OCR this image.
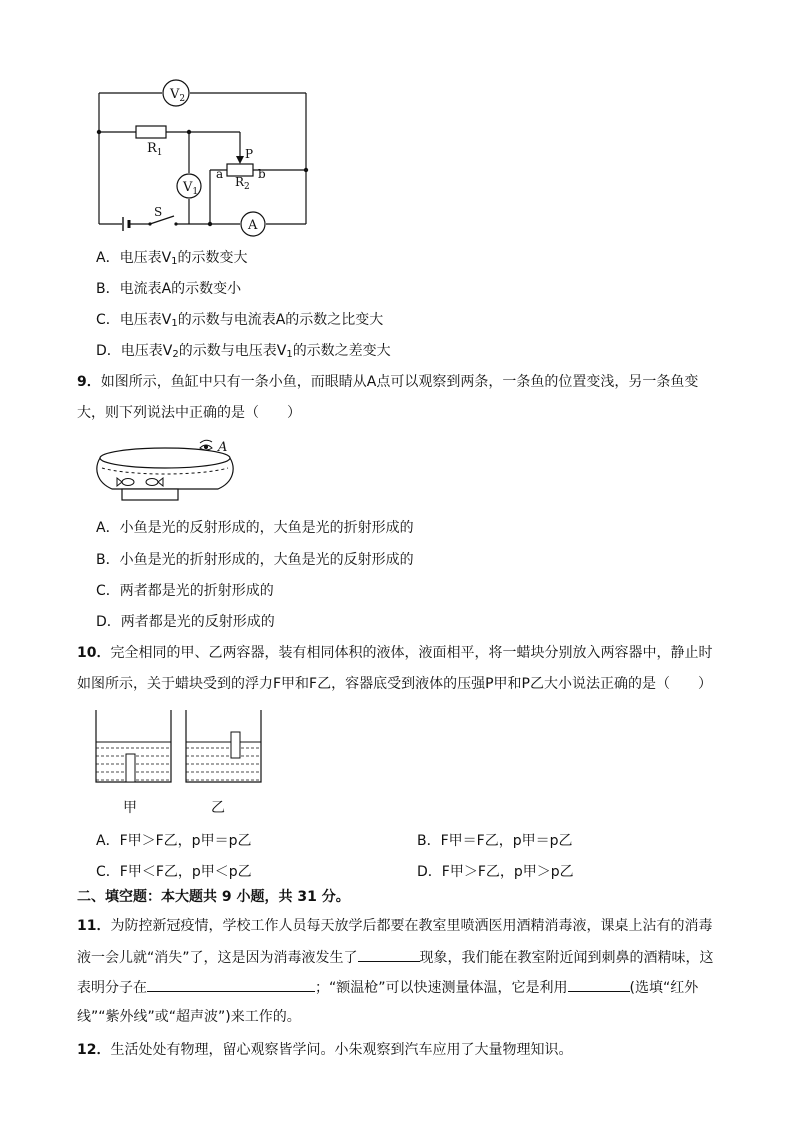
$V_2$
$R_1$	P
a	b
$R_2$
$V_1$
S
A
A．电压表$V_1$的示数变大
B．电流表A的示数变小
C．电压表$V_1$的示数与电流表A的示数之比变大
D．电压表$V_2$的示数与电压表$V_1$的示数之差变大
9．如图所示，鱼缸中只有一条小鱼，而眼睛从A点可以观察到两条，一条鱼的位置变浅，另一条鱼变
大，则下列说法中正确的是（　　）
A
A．小鱼是光的反射形成的，大鱼是光的折射形成的
B．小鱼是光的折射形成的，大鱼是光的反射形成的
C．两者都是光的折射形成的
D．两者都是光的反射形成的
10．完全相同的甲、乙两容器，装有相同体积的液体，液面相平，将一蜡块分别放入两容器中，静止时
如图所示，关于蜡块受到的浮力F甲和F乙，容器底受到液体的压强P甲和P乙大小说法正确的是（　　）
甲	乙
A．F甲＞F乙，p甲＝p乙	B．F甲＝F乙，p甲＝p乙
C．F甲＜F乙，p甲＜p乙	D．F甲＞F乙，p甲＞p乙
二、填空题：本大题共 9 小题，共 31 分。
11．为防控新冠疫情，学校工作人员每天放学后都要在教室里喷洒医用酒精消毒液，课桌上沾有的消毒
液一会儿就“消失”了，这是因为消毒液发生了	现象，我们能在教室附近闻到刺鼻的酒精味，这
表明分子在	；“额温枪”可以快速测量体温，它是利用	(选填“红外
线”“紫外线”或“超声波”)来工作的。
12．生活处处有物理，留心观察皆学问。小朱观察到汽车应用了大量物理知识。
